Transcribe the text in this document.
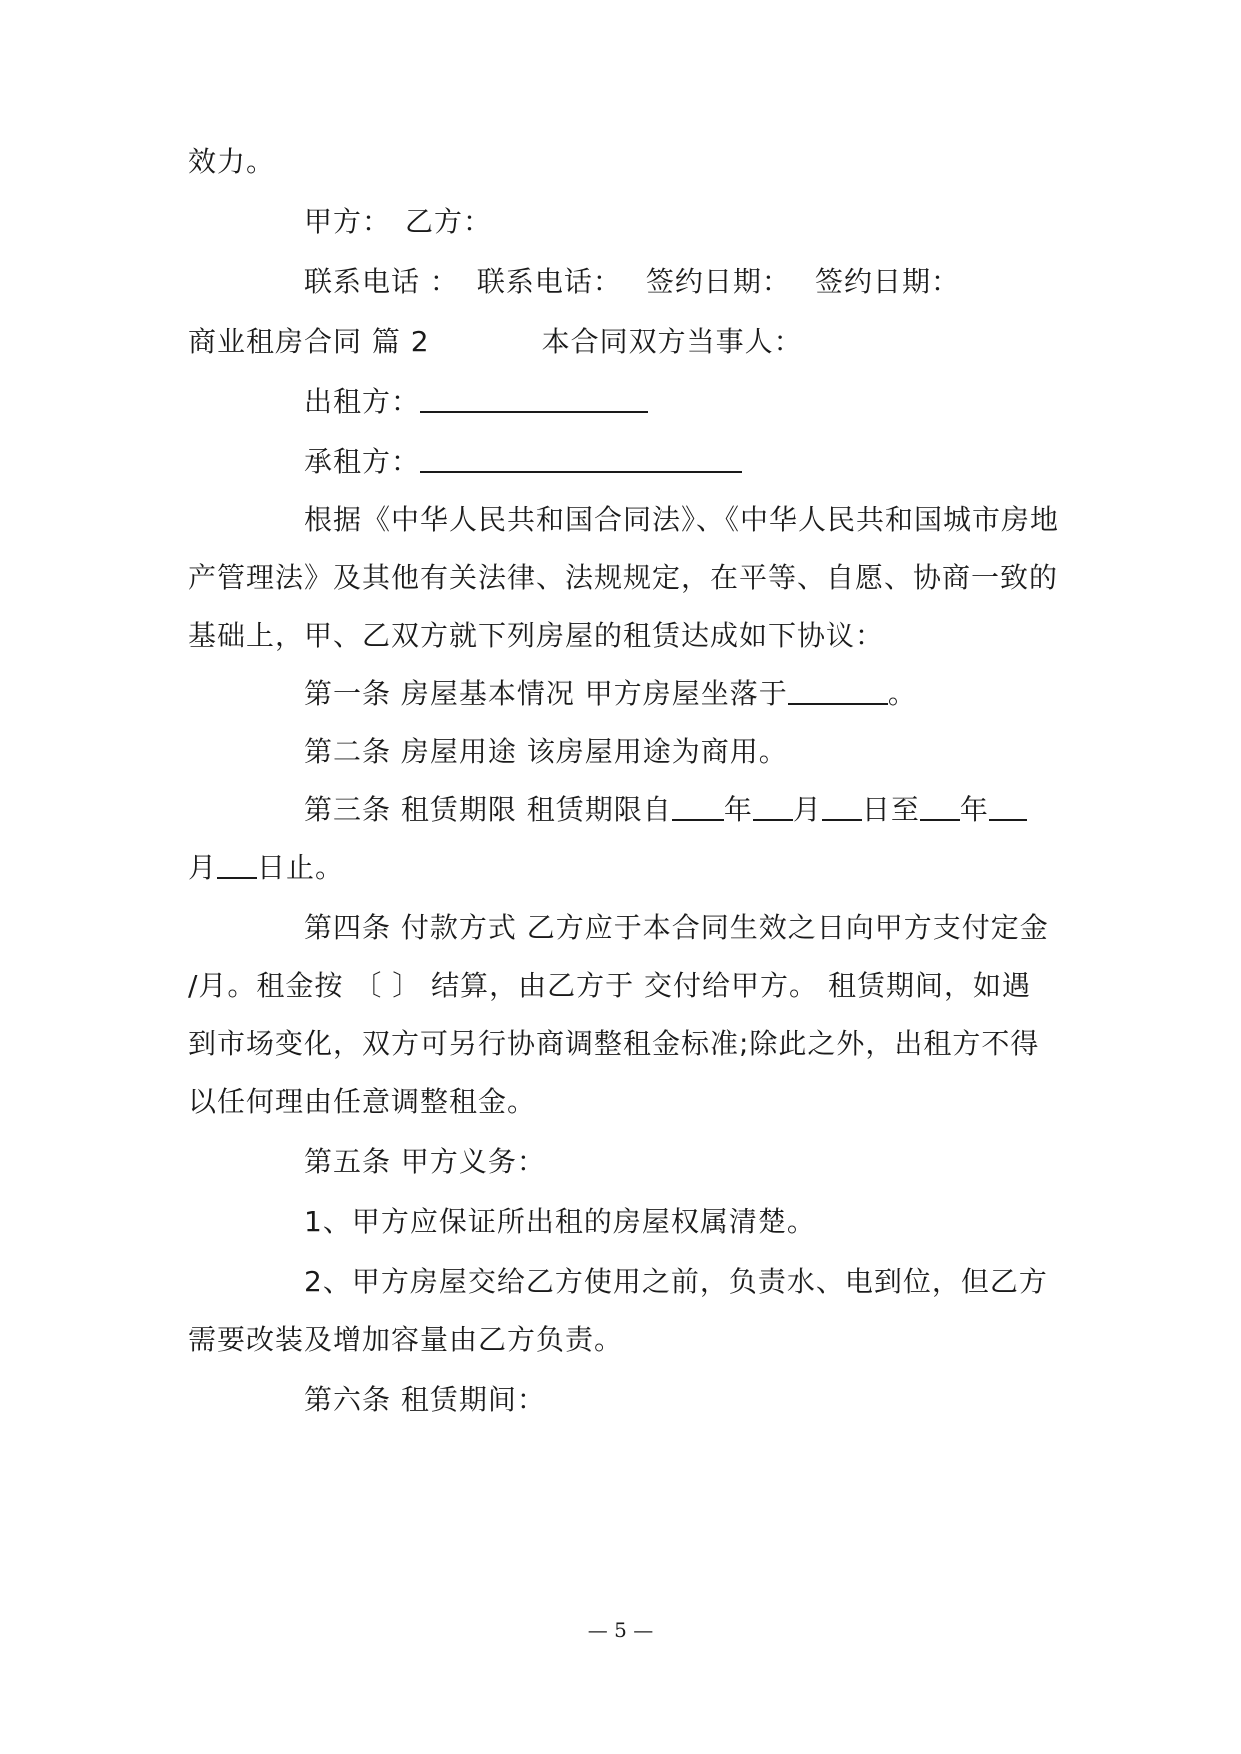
效力。
甲方： 乙方：
联系电话 ： 联系电话： 签约日期： 签约日期：
商业租房合同 篇 2	本合同双方当事人：
出租方：
承租方：
根据《中华人民共和国合同法》、《中华人民共和国城市房地
产管理法》及其他有关法律、法规规定，在平等、自愿、协商一致的
基础上，甲、乙双方就下列房屋的租赁达成如下协议：
第一条 房屋基本情况 甲方房屋坐落于	。
第二条 房屋用途 该房屋用途为商用。
第三条 租赁期限 租赁期限自 年 月 日至 年
月 日止。
第四条 付款方式 乙方应于本合同生效之日向甲方支付定金
/月。租金按 〔 〕 结算，由乙方于 交付给甲方。 租赁期间，如遇
到市场变化，双方可另行协商调整租金标准;除此之外，出租方不得
以任何理由任意调整租金。
第五条 甲方义务：
1、甲方应保证所出租的房屋权属清楚。
2、甲方房屋交给乙方使用之前，负责水、电到位，但乙方
需要改装及增加容量由乙方负责。
第六条 租赁期间：
— 5 —
